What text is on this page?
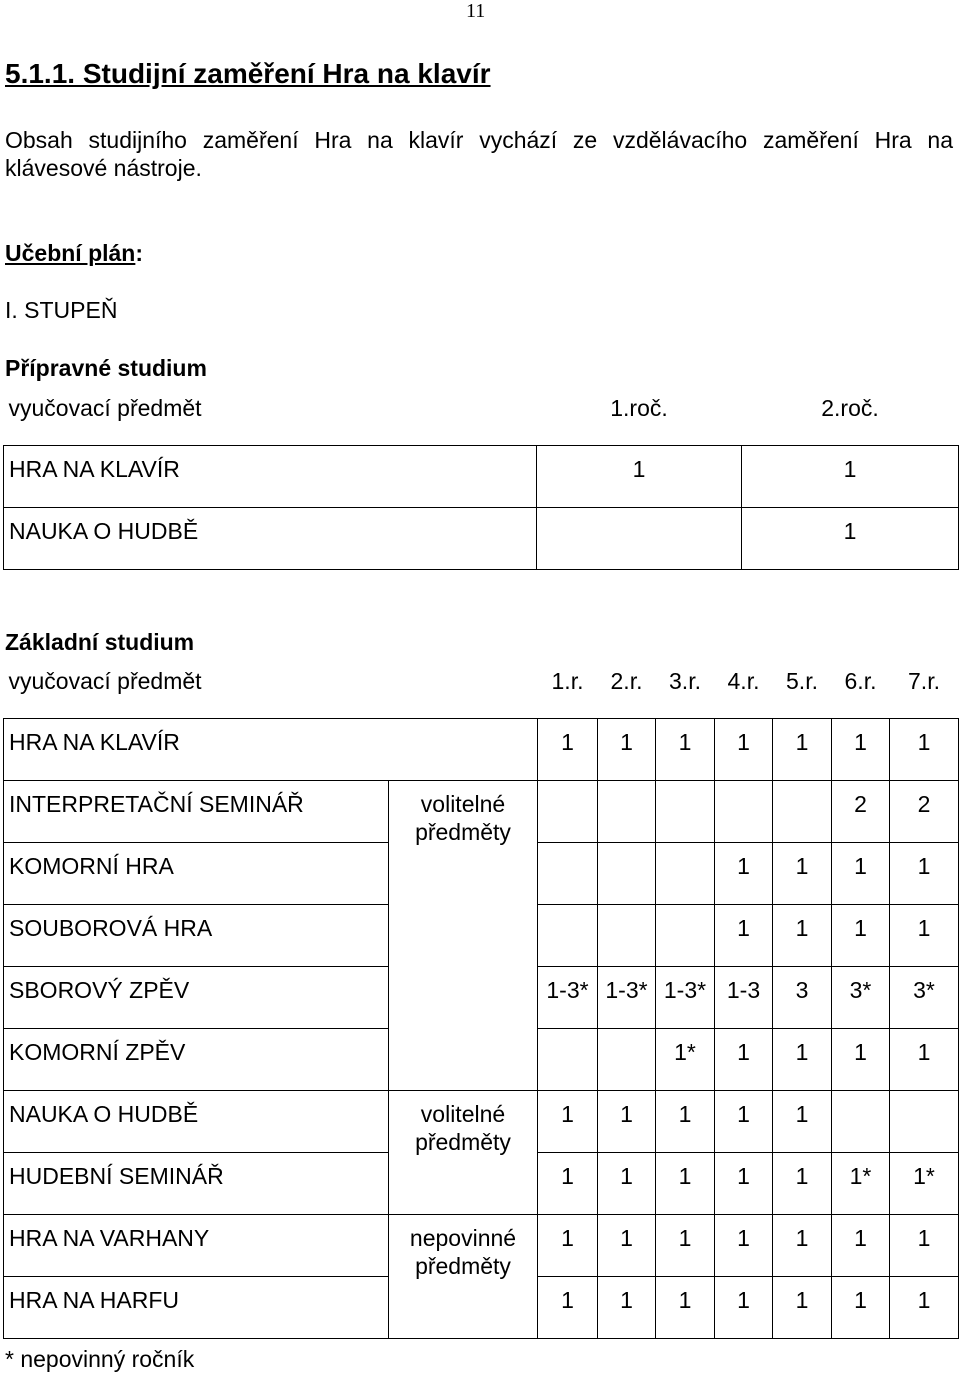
11
5.1.1. Studijní zaměření Hra na klavír
Obsah studijního zaměření Hra na klavír vychází ze vzdělávacího zaměření Hra na klávesové nástroje.
Učební plán:
I. STUPEŇ
Přípravné studium
vyučovací předmět	1.roč.	2.roč.
HRA NA KLAVÍR	1	1
NAUKA O HUDBĚ		1
Základní studium
vyučovací předmět		1.r.	2.r.	3.r.	4.r.	5.r.	6.r.	7.r.
HRA NA KLAVÍR		1	1	1	1	1	1	1
INTERPRETAČNÍ SEMINÁŘ	volitelné předměty						2	2
KOMORNÍ HRA					1	1	1	1
SOUBOROVÁ HRA					1	1	1	1
SBOROVÝ ZPĚV		1-3*	1-3*	1-3*	1-3	3	3*	3*
KOMORNÍ ZPĚV				1*	1	1	1	1
NAUKA O HUDBĚ	volitelné předměty	1	1	1	1	1		
HUDEBNÍ SEMINÁŘ		1	1	1	1	1	1*	1*
HRA NA VARHANY	nepovinné předměty	1	1	1	1	1	1	1
HRA NA HARFU		1	1	1	1	1	1	1
* nepovinný ročník
